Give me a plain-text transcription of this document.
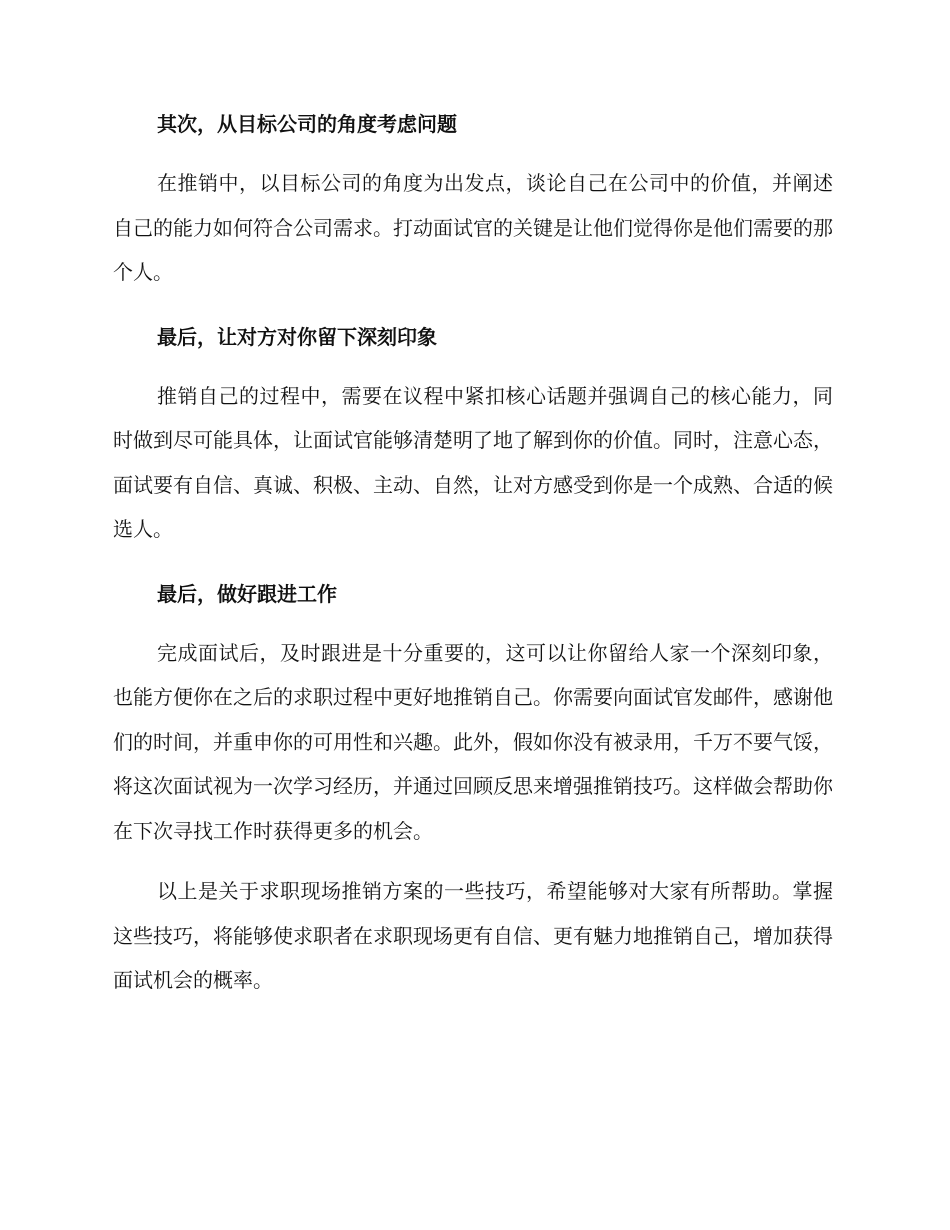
其次，从目标公司的角度考虑问题

在推销中，以目标公司的角度为出发点，谈论自己在公司中的价值，并阐述自己的能力如何符合公司需求。打动面试官的关键是让他们觉得你是他们需要的那个人。

最后，让对方对你留下深刻印象

推销自己的过程中，需要在议程中紧扣核心话题并强调自己的核心能力，同时做到尽可能具体，让面试官能够清楚明了地了解到你的价值。同时，注意心态，面试要有自信、真诚、积极、主动、自然，让对方感受到你是一个成熟、合适的候选人。

最后，做好跟进工作

完成面试后，及时跟进是十分重要的，这可以让你留给人家一个深刻印象，也能方便你在之后的求职过程中更好地推销自己。你需要向面试官发邮件，感谢他们的时间，并重申你的可用性和兴趣。此外，假如你没有被录用，千万不要气馁，将这次面试视为一次学习经历，并通过回顾反思来增强推销技巧。这样做会帮助你在下次寻找工作时获得更多的机会。

以上是关于求职现场推销方案的一些技巧，希望能够对大家有所帮助。掌握这些技巧，将能够使求职者在求职现场更有自信、更有魅力地推销自己，增加获得面试机会的概率。
